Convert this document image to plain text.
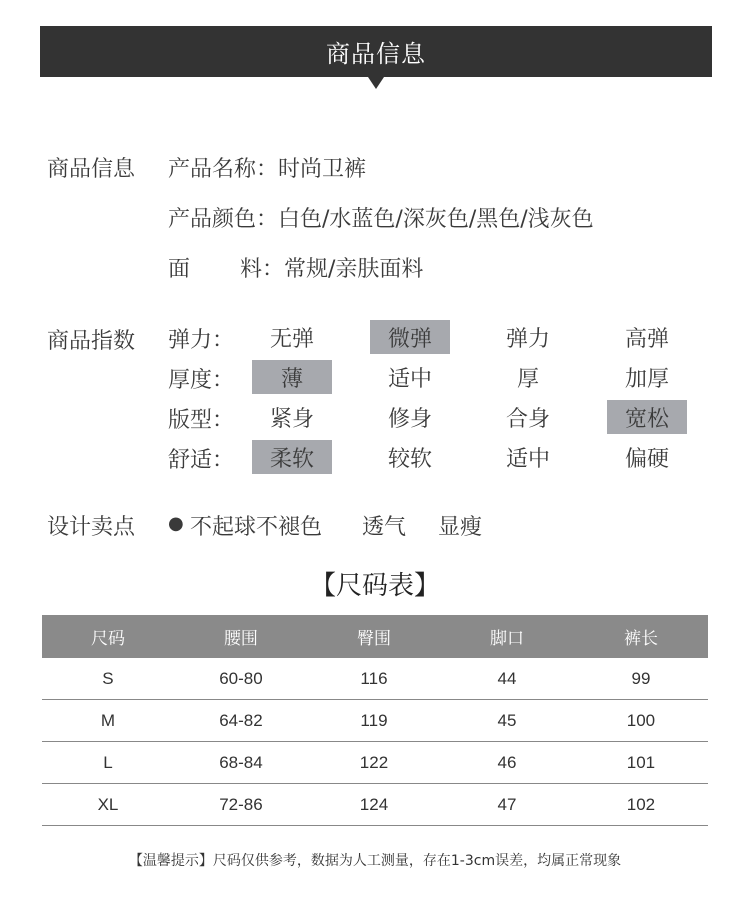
商品信息
商品信息 产品名称：时尚卫裤
产品颜色：白色/水蓝色/深灰色/黑色/浅灰色
面 料：常规/亲肤面料
商品指数 弹力：	无弹	微弹	弹力	高弹
厚度：	薄	适中	厚	加厚
版型：	紧身	修身	合身	宽松
舒适：	柔软	较软	适中	偏硬
设计卖点 ● 不起球不褪色 透气 显瘦
【尺码表】
尺码	腰围	臀围	脚口	裤长
S	60-80	116	44	99
M	64-82	119	45	100
L	68-84	122	46	101
XL	72-86	124	47	102
【温馨提示】尺码仅供参考，数据为人工测量，存在1-3cm误差，均属正常现象
